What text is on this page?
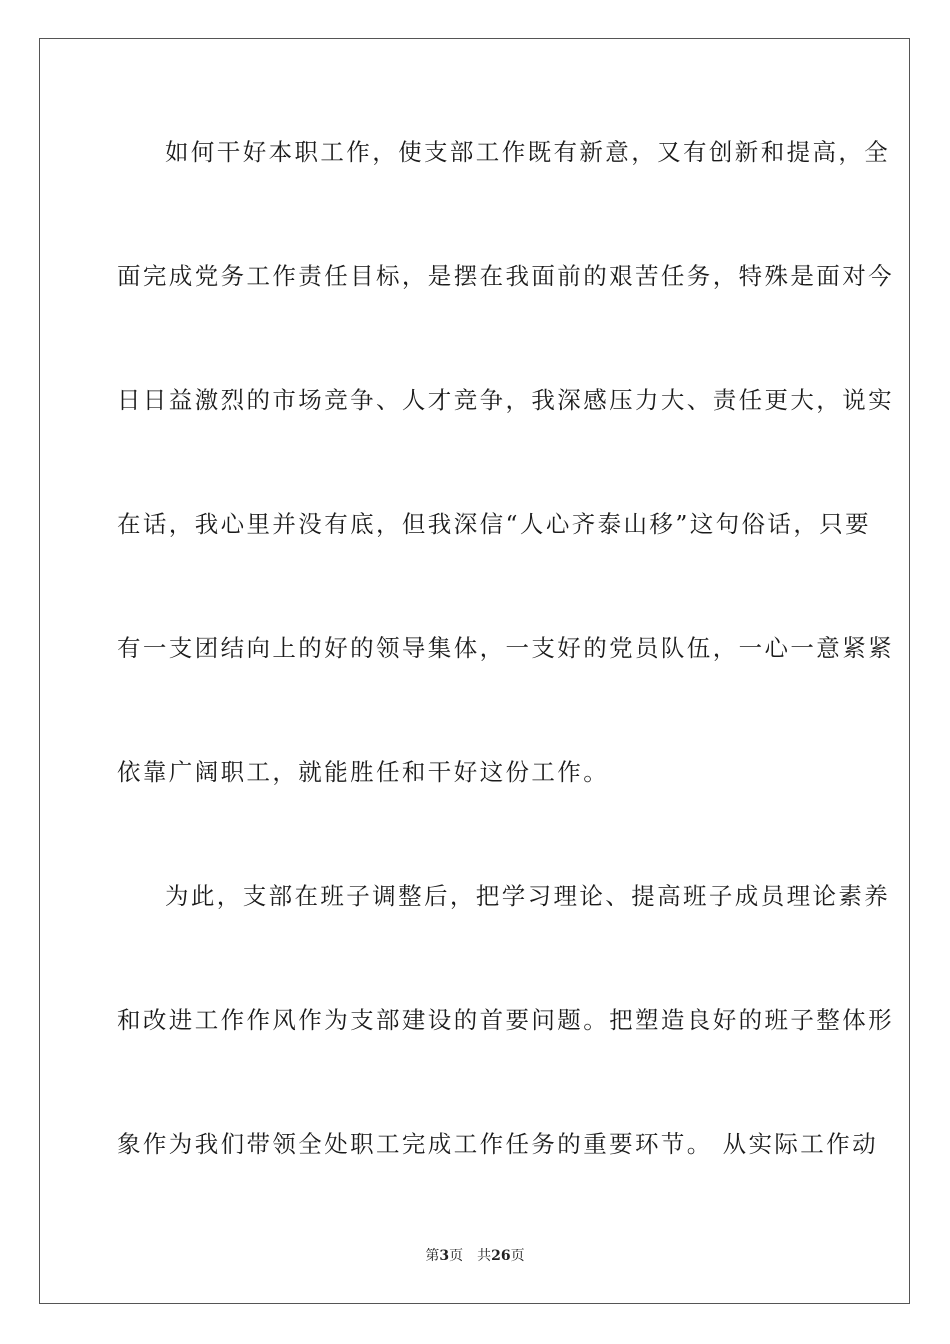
如何干好本职工作，使支部工作既有新意，又有创新和提高，全
面完成党务工作责任目标，是摆在我面前的艰苦任务，特殊是面对今
日日益激烈的市场竞争、人才竞争，我深感压力大、责任更大，说实
在话，我心里并没有底，但我深信“人心齐泰山移”这句俗话，只要
有一支团结向上的好的领导集体，一支好的党员队伍，一心一意紧紧
依靠广阔职工，就能胜任和干好这份工作。
为此，支部在班子调整后，把学习理论、提高班子成员理论素养
和改进工作作风作为支部建设的首要问题。把塑造良好的班子整体形
象作为我们带领全处职工完成工作任务的重要环节。 从实际工作动
第3页 共26页
